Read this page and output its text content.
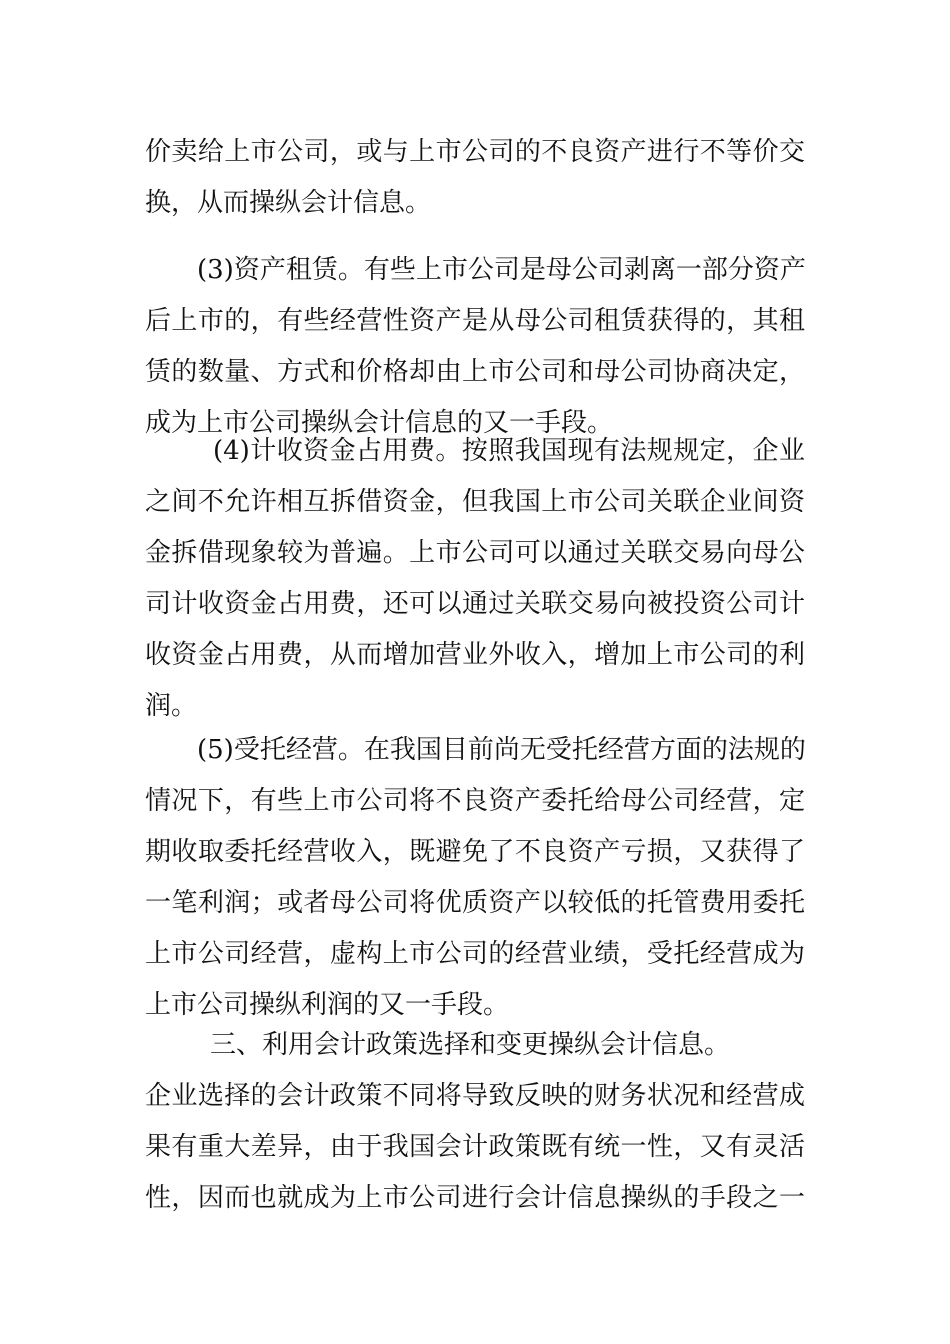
价卖给上市公司，或与上市公司的不良资产进行不等价交
换，从而操纵会计信息。
(3)资产租赁。有些上市公司是母公司剥离一部分资产
后上市的，有些经营性资产是从母公司租赁获得的，其租
赁的数量、方式和价格却由上市公司和母公司协商决定，
成为上市公司操纵会计信息的又一手段。
(4)计收资金占用费。按照我国现有法规规定，企业
之间不允许相互拆借资金，但我国上市公司关联企业间资
金拆借现象较为普遍。上市公司可以通过关联交易向母公
司计收资金占用费，还可以通过关联交易向被投资公司计
收资金占用费，从而增加营业外收入，增加上市公司的利
润。
(5)受托经营。在我国目前尚无受托经营方面的法规的
情况下，有些上市公司将不良资产委托给母公司经营，定
期收取委托经营收入，既避免了不良资产亏损，又获得了
一笔利润；或者母公司将优质资产以较低的托管费用委托
上市公司经营，虚构上市公司的经营业绩，受托经营成为
上市公司操纵利润的又一手段。
三、利用会计政策选择和变更操纵会计信息。
企业选择的会计政策不同将导致反映的财务状况和经营成
果有重大差异，由于我国会计政策既有统一性，又有灵活
性，因而也就成为上市公司进行会计信息操纵的手段之一
